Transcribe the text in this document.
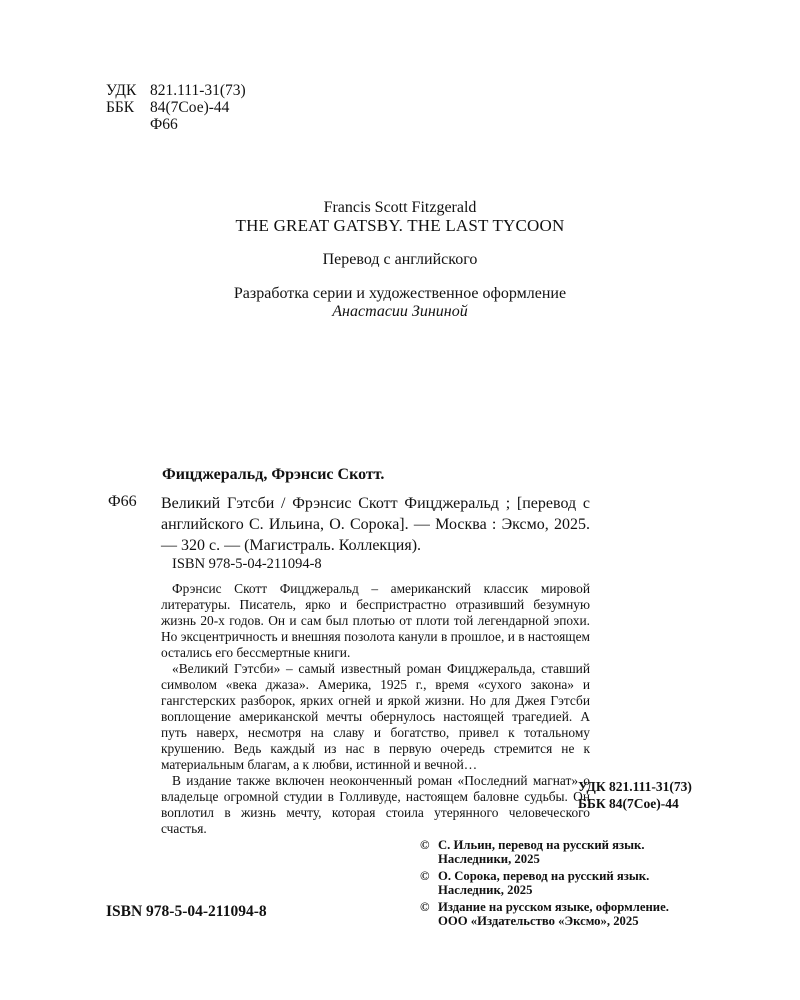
УДК 821.111-31(73)
ББК 84(7Сое)-44
Ф66
Francis Scott Fitzgerald
THE GREAT GATSBY. THE LAST TYCOON
Перевод с английского
Разработка серии и художественное оформление
Анастасии Зининой
Фицджеральд, Фрэнсис Скотт.
Ф66 Великий Гэтсби / Фрэнсис Скотт Фицджеральд ; [перевод с английского С. Ильина, О. Сорока]. — Москва : Эксмо, 2025. — 320 с. — (Магистраль. Коллекция).
ISBN 978-5-04-211094-8

Фрэнсис Скотт Фицджеральд – американский классик мировой литературы. Писатель, ярко и беспристрастно отразивший безумную жизнь 20-х годов. Он и сам был плотью от плоти той легендарной эпохи. Но эксцентричность и внешняя позолота канули в прошлое, и в настоящем остались его бессмертные книги.

«Великий Гэтсби» – самый известный роман Фицджеральда, ставший символом «века джаза». Америка, 1925 г., время «сухого закона» и гангстерских разборок, ярких огней и яркой жизни. Но для Джея Гэтсби воплощение американской мечты обернулось настоящей трагедией. А путь наверх, несмотря на славу и богатство, привел к тотальному крушению. Ведь каждый из нас в первую очередь стремится не к материальным благам, а к любви, истинной и вечной…

В издание также включен неоконченный роман «Последний магнат» о владельце огромной студии в Голливуде, настоящем баловне судьбы. Он воплотил в жизнь мечту, которая стоила утерянного человеческого счастья.

УДК 821.111-31(73)
ББК 84(7Сое)-44
ISBN 978-5-04-211094-8
© С. Ильин, перевод на русский язык.
Наследники, 2025
© О. Сорока, перевод на русский язык.
Наследник, 2025
© Издание на русском языке, оформление.
ООО «Издательство «Эксмо», 2025
